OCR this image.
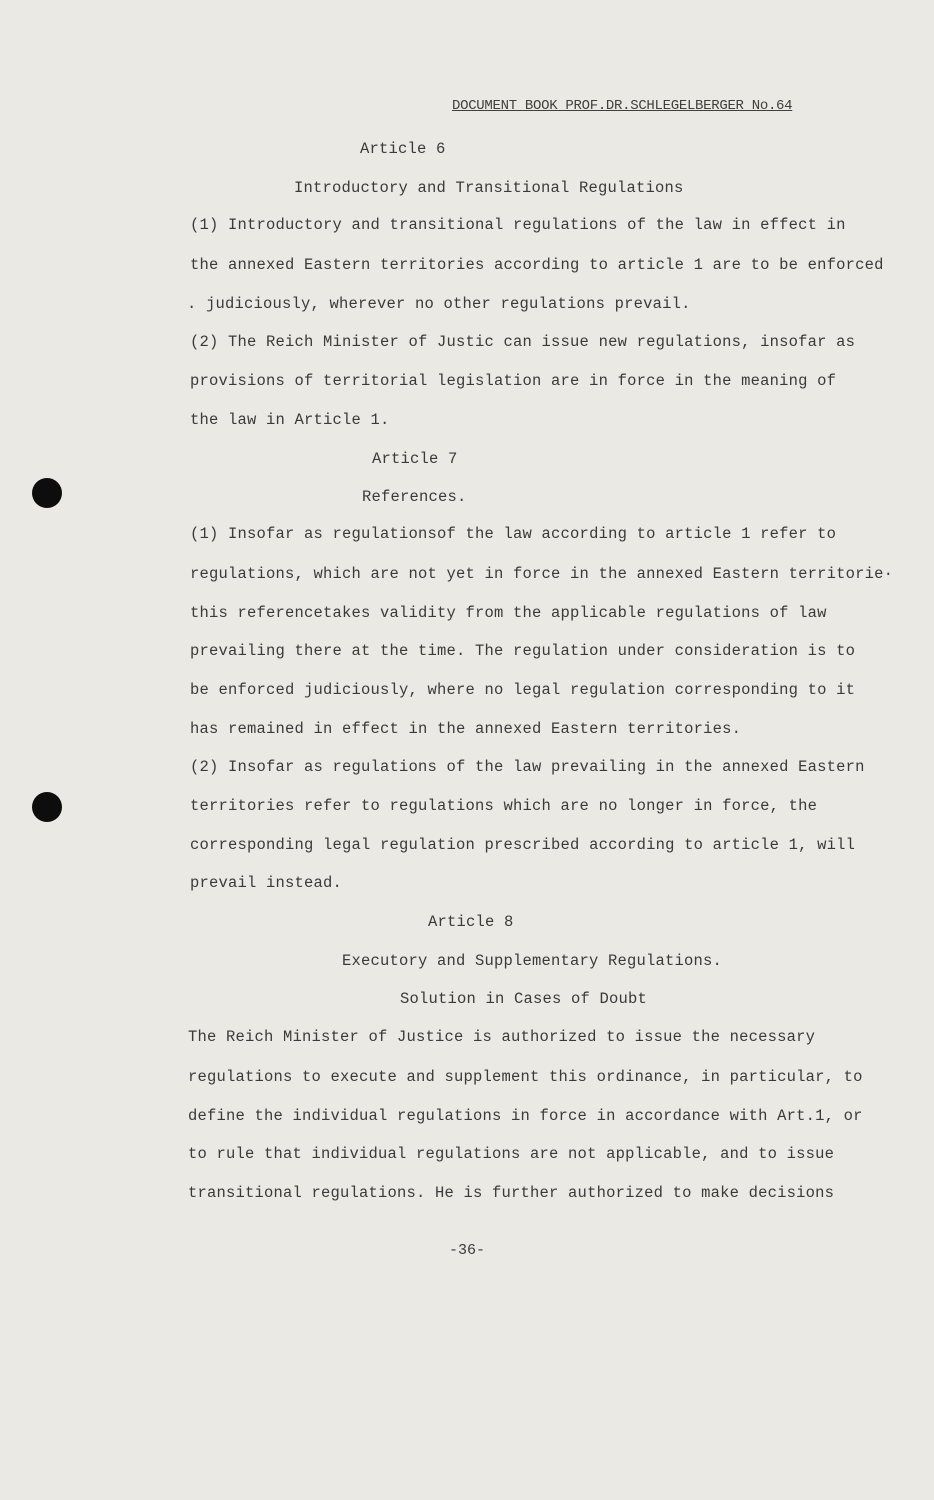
DOCUMENT BOOK PROF.DR.SCHLEGELBERGER No.64
Article 6
Introductory and Transitional Regulations
(1) Introductory and transitional regulations of the law in effect in
the annexed Eastern territories according to article 1 are to be enforced
. judiciously, wherever no other regulations prevail.
(2) The Reich Minister of Justic can issue new regulations, insofar as
provisions of territorial legislation are in force in the meaning of
the law in Article 1.
Article 7
References.
(1) Insofar as regulationsof the law according to article 1 refer to
regulations, which are not yet in force in the annexed Eastern territorie·
this referencetakes validity from the applicable regulations of law
prevailing there at the time. The regulation under consideration is to
be enforced judiciously, where no legal regulation corresponding to it
has remained in effect in the annexed Eastern territories.
(2) Insofar as regulations of the law prevailing in the annexed Eastern
territories refer to regulations which are no longer in force, the
corresponding legal regulation prescribed according to article 1, will
prevail instead.
Article 8
Executory and Supplementary Regulations.
Solution in Cases of Doubt
The Reich Minister of Justice is authorized to issue the necessary
regulations to execute and supplement this ordinance, in particular, to
define the individual regulations in force in accordance with Art.1, or
to rule that individual regulations are not applicable, and to issue
transitional regulations. He is further authorized to make decisions
-36-
